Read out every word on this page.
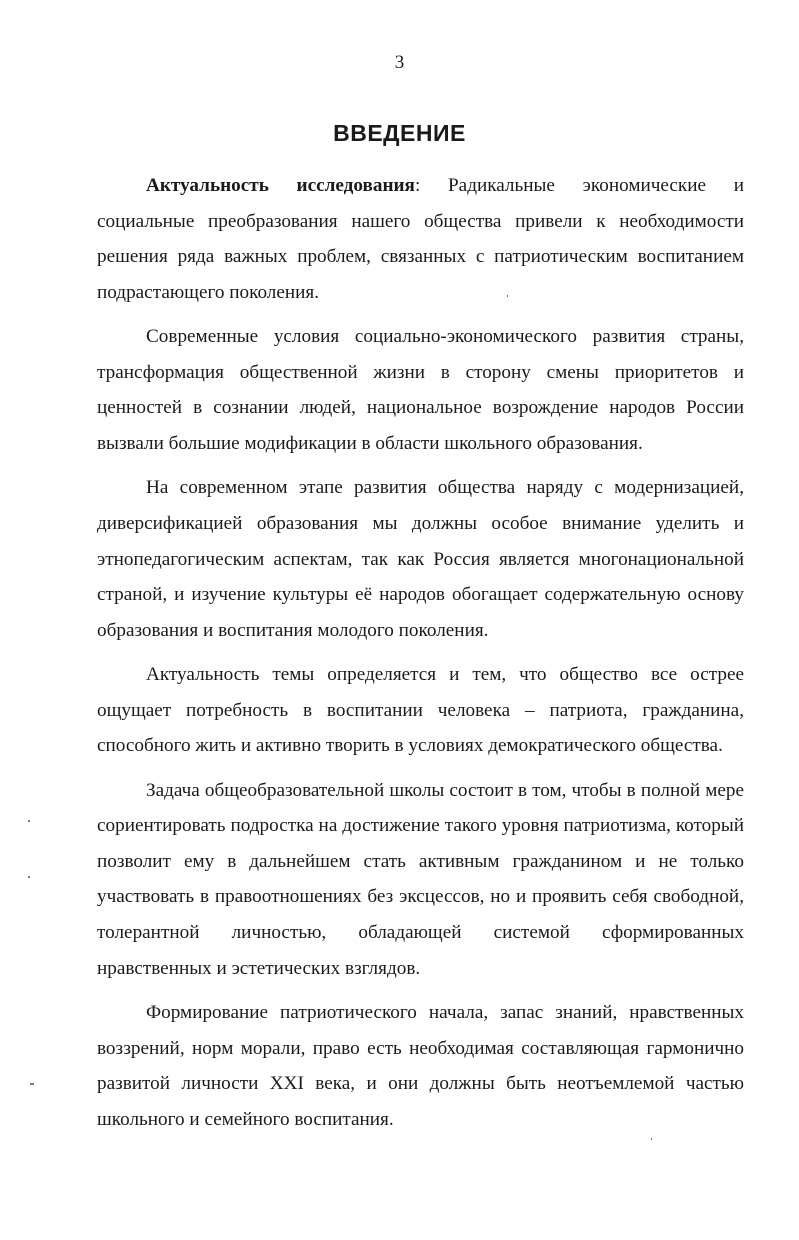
3
ВВЕДЕНИЕ

Актуальность исследования: Радикальные экономические и социальные преобразования нашего общества привели к необходимости решения ряда важных проблем, связанных с патриотическим воспитанием подрастающего поколения.

Современные условия социально-экономического развития страны, трансформация общественной жизни в сторону смены приоритетов и ценностей в сознании людей, национальное возрождение народов России вызвали большие модификации в области школьного образования.

На современном этапе развития общества наряду с модернизацией, диверсификацией образования мы должны особое внимание уделить и этнопедагогическим аспектам, так как Россия является многонациональной страной, и изучение культуры её народов обогащает содержательную основу образования и воспитания молодого поколения.

Актуальность темы определяется и тем, что общество все острее ощущает потребность в воспитании человека – патриота, гражданина, способного жить и активно творить в условиях демократического общества.

Задача общеобразовательной школы состоит в том, чтобы в полной мере сориентировать подростка на достижение такого уровня патриотизма, который позволит ему в дальнейшем стать активным гражданином и не только участвовать в правоотношениях без эксцессов, но и проявить себя свободной, толерантной личностью, обладающей системой сформированных нравственных и эстетических взглядов.

Формирование патриотического начала, запас знаний, нравственных воззрений, норм морали, право есть необходимая составляющая гармонично развитой личности XXI века, и они должны быть неотъемлемой частью школьного и семейного воспитания.
